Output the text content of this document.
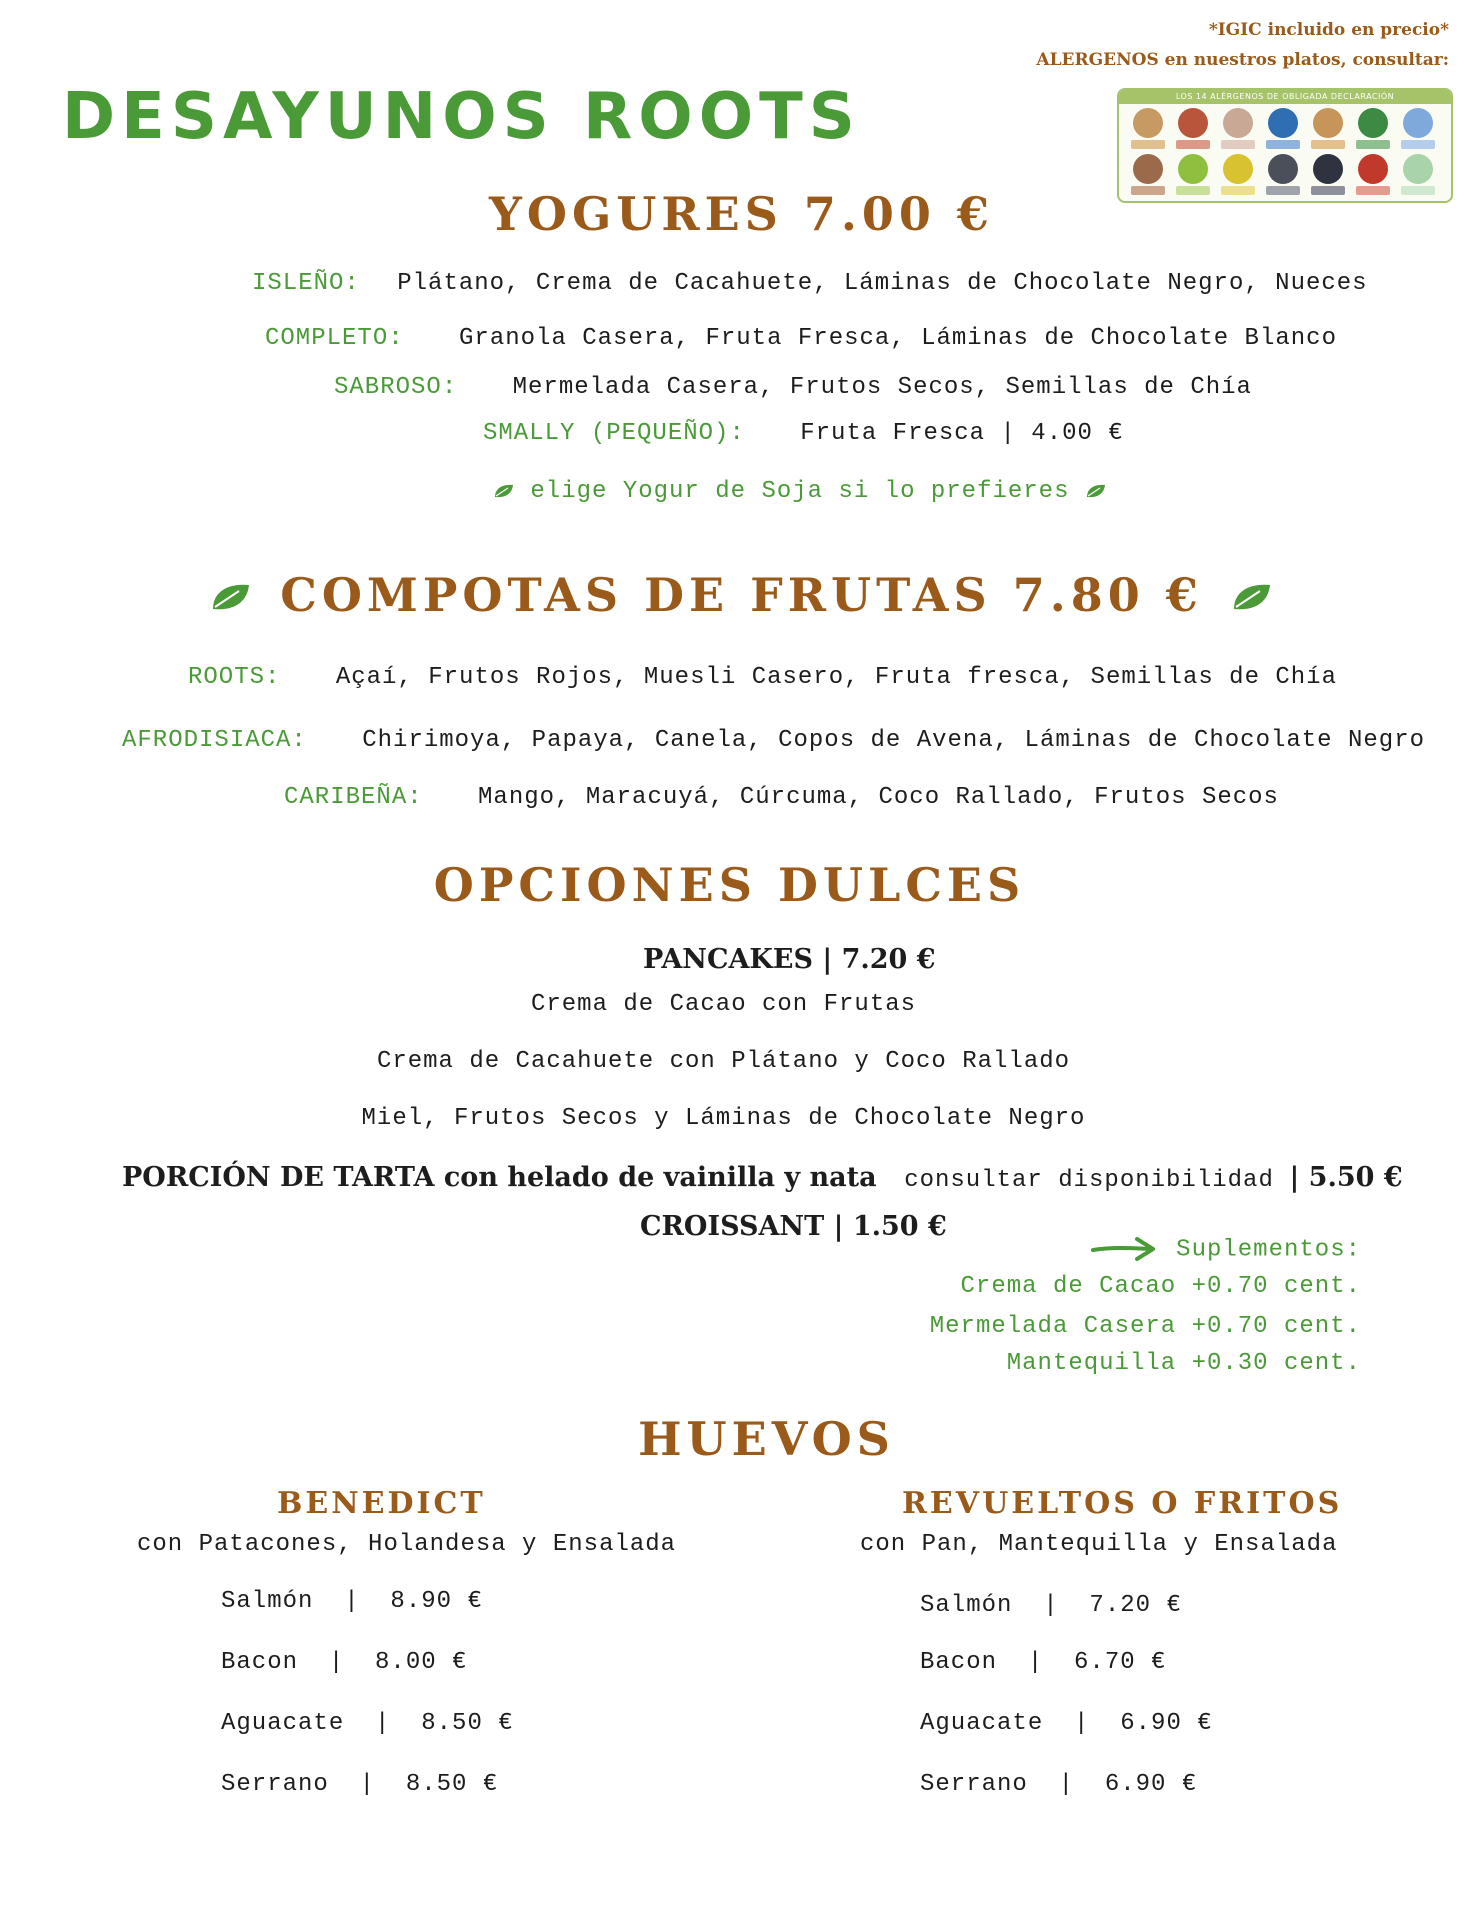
*IGIC incluido en precio*
ALERGENOS en nuestros platos, consultar:
DESAYUNOS ROOTS	LOS 14 ALÉRGENOS DE OBLIGADA DECLARACIÓN
YOGURES 7.00 €
ISLEÑO: Plátano, Crema de Cacahuete, Láminas de Chocolate Negro, Nueces
COMPLETO: Granola Casera, Fruta Fresca, Láminas de Chocolate Blanco
SABROSO: Mermelada Casera, Frutos Secos, Semillas de Chía
SMALLY (PEQUEÑO): Fruta Fresca | 4.00 €
elige Yogur de Soja si lo prefieres
COMPOTAS DE FRUTAS 7.80 €
ROOTS: Açaí, Frutos Rojos, Muesli Casero, Fruta fresca, Semillas de Chía
AFRODISIACA: Chirimoya, Papaya, Canela, Copos de Avena, Láminas de Chocolate Negro
CARIBEÑA: Mango, Maracuyá, Cúrcuma, Coco Rallado, Frutos Secos
OPCIONES DULCES
PANCAKES | 7.20 €
Crema de Cacao con Frutas
Crema de Cacahuete con Plátano y Coco Rallado
Miel, Frutos Secos y Láminas de Chocolate Negro
PORCIÓN DE TARTA con helado de vainilla y nata consultar disponibilidad | 5.50 €
CROISSANT | 1.50 €
Suplementos:
Crema de Cacao +0.70 cent.
Mermelada Casera +0.70 cent.
Mantequilla +0.30 cent.
HUEVOS
BENEDICT
con Patacones, Holandesa y Ensalada
Salmón  |  8.90 €
Bacon  |  8.00 €
Aguacate  |  8.50 €
Serrano  |  8.50 €
REVUELTOS O FRITOS
con Pan, Mantequilla y Ensalada
Salmón  |  7.20 €
Bacon  |  6.70 €
Aguacate  |  6.90 €
Serrano  |  6.90 €
